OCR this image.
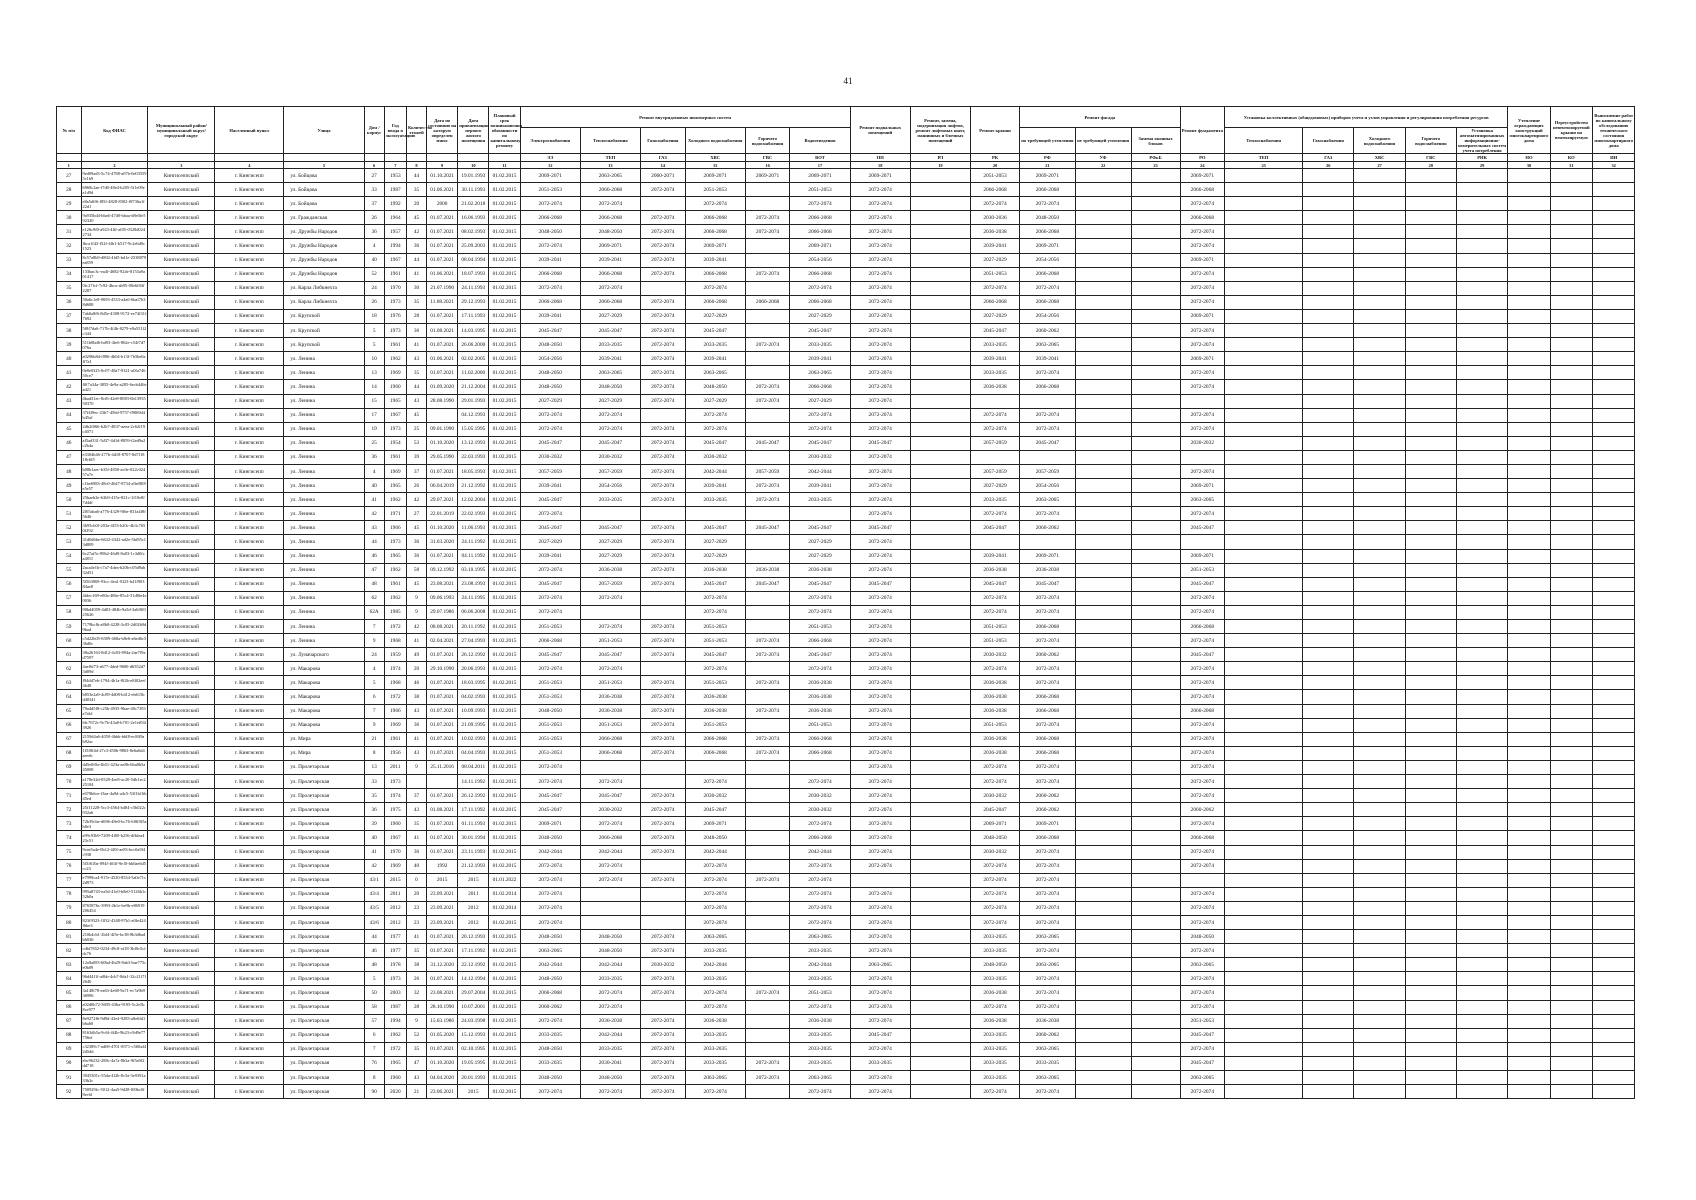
41
№ п/п	Код ФИАС	Муниципальный район/муниципальный округ/городской округ	Населенный пункт	Улица	Дом / корпус	Год ввода в эксплуатацию	Количество этажей	Дата по состоянию на которую определен износ	Дата приватизации первого жилого помещения	Плановый срок возникновения обязанности по капитальному ремонту	Ремонт внутридомовых инженерных систем						Ремонт подвальных помещений	Ремонт, замена, модернизация лифтов, ремонт лифтовых шахт, машинных и блочных помещений	Ремонт крыши	Ремонт фасада			Ремонт фундамента	Установка коллективных (общедомовых) приборов учета и узлов управления и регулирования потребления ресурсов					Утепление ограждающих конструкций многоквартирного дома	Переустройство невентилируемой крыши на вентилируемую	Выполнение работ по капитальному обследованию технического состояния многоквартирного дома
											Электроснабжения	Теплоснабжения	Газоснабжения	Холодного водоснабжения	Горячего водоснабжения	Водоотведения				по требующей утепления	не требующей утепления	Замена оконных блоков		Теплоснабжения	Газоснабжения	Холодного водоснабжения	Горячего водоснабжения	Установка автоматизированных информационно-измерительных систем учета потребления			
											ЭЭ	ТЕП	ГАЗ	ХВС	ГВС	ВОТ	ПП	РЛ	РК	РФ	УФ	РФкБ	РО	ТЕП	ГАЗ	ХВС	ГВС	РНК	НО	КО	ИИ
1	2	3	4	5	6	7	8	9	10	11	12	13	14	15	16	17	18	19	20	21	22	23	24	25	26	27	28	29	30	31	32
27	9ed09ad3-5c74-4788-a07b-0e035595c1b9	Кингисеппский	г. Кингисепп	ул. Бойцова	27	1953	44	01.10.2021	19.01.1993	01.02.2015	2069-2071	2063-2065	2060-2071	2069-2071	2069-2071	2069-2071	2069-2071		2051-2053	2069-2071			2069-2071								
28	6968c2ae-f7d0-48e4-b205-5f1e09ea1d9d	Кингисеппский	г. Кингисепп	ул. Бойцова	33	1987	35	01.06.2021	30.11.1993	01.02.2015	2051-2053	2066-2068	2072-2074	2051-2053		2051-2053	2072-2074		2066-2068	2066-2068			2066-2068								
29	e8a5dff6-f85f-4828-8302-f8736a1f22d1	Кингисеппский	г. Кингисепп	ул. Бойцова	37	1992	20	2000	21.02.2018	01.02.2015	2072-2074	2072-2074		2072-2074		2072-2074	2072-2074		2072-2074	2072-2074			2072-2074								
30	9a935bd4-bba6-47d0-bbaa-d8e0fe592320	Кингисеппский	г. Кингисепп	ул. Гражданская	26	1964	45	01.07.2021	16.06.1993	01.02.2015	2066-2068	2066-2068	2072-2074	2066-2068	2072-2074	2066-2068	2072-2074		2030-2036	2048-2050			2066-2068								
31	e126c9f0-a923-4fff-af05-0328d0242734	Кингисеппский	г. Кингисепп	ул. Дружбы Народов	36	1957	42	01.07.2021	08.02.1993	01.02.2015	2048-2050	2048-2050	2072-2074	2066-2068	2072-2074	2066-2068	2072-2074		2036-2038	2066-2068			2072-2074								
32	fbca1f43-f52f-4fb1-b517-9c2e6d0c1523	Кингисеппский	г. Кингисепп	ул. Дружбы Народов	4	1994	36	01.07.2021	25.09.2003	01.02.2015	2072-2074	2069-2071	2072-2074	2069-2071		2069-2071	2072-2074		2039-2041	2069-2071			2072-2074								
33	8c57a8b9-d802-4fd5-bd1e-2538879ea859	Кингисеппский	г. Кингисепп	ул. Дружбы Народов	40	1967	44	01.07.2021	08.04.1994	01.02.2015	2039-2041	2039-2041	2072-2074	2039-2041		2054-2056	2072-2074		2027-2029	2054-2056			2069-2071								
34	133bac3c-ea4f-4682-924e-8153a9a01417	Кингисеппский	г. Кингисепп	ул. Дружбы Народов	52	1961	41	01.06.2021	18.07.1993	01.02.2015	2066-2068	2066-2068	2072-2074	2066-2068	2072-2074	2066-2068	2072-2074		2051-2053	2066-2068			2072-2074								
35	0fc27fcf-7c92-4bca-ab95-00e6f04f2287	Кингисеппский	г. Кингисепп	ул. Карла Либкнехта	24	1970	30	21.07.1990	24.11.1993	01.02.2015	2072-2074	2072-2074		2072-2074		2072-2074	2072-2074		2072-2074	2072-2074			2072-2074								
36	50a6c1e8-9693-4533-a4a6-6baf7b38d688	Кингисеппский	г. Кингисепп	ул. Карла Либкнехта	26	1973	35	11.08.2021	29.12.1993	01.02.2015	2066-2068	2066-2068	2072-2074	2066-2068	2066-2068	2066-2068	2072-2074		2066-2068	2066-2068			2072-2074								
37	7ab0a8f6-8d5e-4308-9172-ee74f31f7692	Кингисеппский	г. Кингисепп	ул. Крупской	18	1976	28	01.07.2021	17.11.1993	01.02.2015	2039-2041	2027-2029	2072-2074	2027-2029		2027-2029	2072-2074		2027-2029	2054-2056			2069-2071								
38	5f8f7da6-717b-4f4b-8279-e9a551f2c344	Кингисеппский	г. Кингисепп	ул. Крупской	5	1973	36	01.08.2021	14.03.1995	01.02.2015	2045-2047	2045-2047	2072-2074	2045-2047		2045-2047	2072-2074		2045-2047	2060-2062			2072-2074								
39	511b8bd6-bd93-4fe6-862e-c54f7d7076a	Кингисеппский	г. Кингисепп	ул. Крупской	5	1961	41	01.07.2021	26.06.2000	01.02.2015	2048-2050	2033-2035	2072-2074	2033-2035	2072-2074	2033-2035	2072-2074		2033-2035	2063-2065			2072-2074								
40	a0296b8d-f086-4b04-b13f-7b5be0aff7a1	Кингисеппский	г. Кингисепп	ул. Ленина	10	1962	43	01.06.2021	02.02.2005	01.02.2015	2054-2056	2039-2041	2072-2074	2039-2041		2039-2041	2072-2074		2039-2041	2039-2041			2069-2071								
41	0e8e0323-0c07-48a7-9321-a0fa74650ce7	Кингисеппский	г. Кингисепп	ул. Ленина	13	1969	35	01.07.2021	11.02.2000	01.02.2015	2048-2050	2063-2065	2072-2074	2063-2065		2063-2065	2072-2074		2033-2035	2072-2074			2072-2074								
42	f0f7a34a-3855-4e9a-a285-6ecb446ead21	Кингисеппский	г. Кингисепп	ул. Ленина	14	1960	44	01.09.2020	21.12.2004	01.02.2015	2048-2050	2048-2050	2072-2074	2048-2050	2072-2074	2066-2068	2072-2074		2036-2038	2066-2068			2072-2074								
43	4bad31ec-8cf6-42e8-8083-6b1393550370	Кингисеппский	г. Кингисепп	ул. Ленина	15	1965	43	28.08.1990	29.01.1993	01.02.2015	2027-2029	2027-2029	2072-2074	2027-2029	2072-2074	2027-2029	2072-2074														
44	37f4f9ec-23b7-456d-9757-f9069d4b45af	Кингисеппский	г. Кингисепп	ул. Ленина	17	1967	45		04.12.1993	01.02.2015	2072-2074	2072-2074		2072-2074		2072-2074	2072-2074		2072-2074	2072-2074			2072-2074								
45	2db2f066-b2b7-4837-aeea-2c62f19c4071	Кингисеппский	г. Кингисепп	ул. Ленина	19	1973	25	09.01.1990	15.05.1995	01.02.2015	2072-2074	2072-2074	2072-2074	2072-2074		2072-2074	2072-2074		2072-2074	2072-2074			2072-2074								
46	af5ad331-5d37-4d1d-8859-f2ed9a2c2b4a	Кингисеппский	г. Кингисепп	ул. Ленина	25	1954	53	01.10.2020	13.12.1993	01.02.2015	2045-2047	2045-2047	2072-2074	2045-2047	2045-2047	2045-2047	2045-2047		2057-2059	2045-2047			2030-2032								
47	e3304b46-277b-4d18-8707-8d7f1818c6f5	Кингисеппский	г. Кингисепп	ул. Ленина	36	1961	39	29.05.1990	22.03.1993	01.02.2015	2030-2032	2030-2032	2072-2074	2030-2032		2030-2032	2072-2074														
48	b08b1aec-b35f-4850-ac0e-022c02457a7e	Кингисеппский	г. Кингисепп	ул. Ленина	4	1969	37	01.07.2021	18.05.1993	01.02.2015	2057-2059	2057-2059	2072-2074	2042-2044	2057-2059	2042-2044	2072-2074		2057-2059	2057-2059			2072-2074								
49	c1be6983-48c0-4647-8734-a9a08f8e5e57	Кингисеппский	г. Кингисепп	ул. Ленина	40	1965	26	06.04.2019	21.12.1992	01.02.2015	2039-2041	2054-2056	2072-2074	2039-2041	2072-2074	2039-2041	2072-2074		2027-2029	2054-2056			2069-2071								
50	25baeb2e-b3b9-415e-821c-1f10e8f7d4df	Кингисеппский	г. Кингисепп	ул. Ленина	41	1962	42	29.07.2021	12.02.2004	01.02.2015	2045-2047	2033-2035	2072-2074	2033-2035	2072-2074	2033-2035	2072-2074		2033-2035	2063-2065			2063-2065								
51	2f05aba6-a776-4329-9f6e-831a4f8f5646	Кингисеппский	г. Кингисепп	ул. Ленина	42	1971	27	22.01.2019	22.02.1993	01.02.2015	2072-2074						2072-2074		2072-2074	2072-2074			2072-2074								
52	3695cb0f-203a-4f53-b20c-4b3c7650f292	Кингисеппский	г. Кингисепп	ул. Ленина	43	1966	45	01.10.2020	11.06.1993	01.02.2015	2045-2047	2045-2047	2072-2074	2045-2047	2045-2047	2045-2047	2045-2047		2045-2047	2060-2062			2045-2047								
53	31d0d6be-6632-4342-ad2e-5bf85c13d809	Кингисеппский	г. Кингисепп	ул. Ленина	44	1973	36	31.03.2020	24.11.1992	01.02.2015	2027-2029	2027-2029	2072-2074	2027-2029		2027-2029	2072-2074														
54	6c27af5c-89b2-46d9-8a03-1c3d0fca4811	Кингисеппский	г. Кингисепп	ул. Ленина	46	1965	36	01.07.2021	04.11.1992	01.02.2015	2039-2041	2027-2029	2072-2074	2027-2029		2027-2029	2072-2074		2039-2041	2069-2071			2069-2071								
55	2aca4e1b-c7a7-4dea-b20b-c05d9ab32d51	Кингисеппский	г. Кингисепп	ул. Ленина	47	1962	58	09.12.1992	03.10.1995	01.02.2015	2072-2074	2036-2038	2072-2074	2036-2038	2036-2038	2036-2038	2072-2074		2036-2038	2036-2038			2051-2053								
56	5f563069-93cc-4ea1-8f23-b41f90384ae8	Кингисеппский	г. Кингисепп	ул. Ленина	48	1961	45	23.08.2021	23.08.1993	01.02.2015	2045-2047	2057-2059	2072-2074	2045-2047	2045-2047	2045-2047	2045-2047		2045-2047	2045-2047			2045-2047								
57	4fdec169-e80a-486e-85c4-31d8fe4e0036	Кингисеппский	г. Кингисепп	ул. Ленина	62	1962	9	09.06.1993	24.11.1995	01.02.2015	2072-2074	2072-2074		2072-2074		2072-2074	2072-2074		2072-2074	2072-2074			2072-2074								
58	90bd4059-4d03-484b-9a5d-3a6f0f025626	Кингисеппский	г. Кингисепп	ул. Ленина	62А	1985	9	29.07.1986	06.06.2008	01.02.2015	2072-2074			2072-2074		2072-2074	2072-2074		2072-2074	2072-2074			2072-2074								
59	7179bcfb-a8b0-4228-3c05-2d02b9d9bad	Кингисеппский	г. Кингисепп	ул. Ленина	7	1972	42	08.08.2021	20.11.1992	01.02.2015	2051-2053	2072-2074	2072-2074	2051-2053		2051-2053	2072-2074		2051-2053	2066-2068			2066-2068								
60	c5d22b05-6589-468a-b8e6-a6ed6c536d0c	Кингисеппский	г. Кингисепп	ул. Ленина	9	1968	41	02.04.2021	27.04.1993	01.02.2015	2066-2068	2051-2053	2072-2074	2051-2053	2072-2074	2066-2068	2072-2074		2051-2053	2072-2074			2072-2074								
61	38a26163-8d12-4c83-894a-2ae7f9ad7597	Кингисеппский	г. Кингисепп	ул. Луначарского	24	1959	49	01.07.2021	26.12.1992	01.02.2015	2045-2047	2045-2047	2072-2074	2045-2047	2072-2074	2045-2047	2072-2074		2030-2032	2060-2062			2045-2047								
62	4aef6f73-a677-4ded-9680-d6552d73d09d	Кингисеппский	г. Кингисепп	ул. Макарова	4	1974	20	29.10.1990	20.06.1993	01.02.2015	2072-2074	2072-2074		2072-2074		2072-2074	2072-2074		2072-2074	2072-2074			2072-2074								
63	f94dd7eb-1794-4b1a-8f2b-e8f02eef4b48	Кингисеппский	г. Кингисепп	ул. Макарова	5	1968	46	01.07.2021	18.03.1995	01.02.2015	2051-2053	2051-2053	2072-2074	2051-2053	2072-2074	2036-2038	2072-2074		2036-2038	2072-2074			2072-2074								
64	b853e2a9-4c89-4d08-b412-eb615bd4034f	Кингисеппский	г. Кингисепп	ул. Макарова	6	1972	38	01.07.2021	04.02.1993	01.02.2015	2051-2053	2036-2038	2072-2074	2036-2038		2036-2038	2072-2074		2036-2038	2066-2068			2072-2074								
65	79a4d5f8-c25b-4935-9bae-40c7393a7ab1	Кингисеппский	г. Кингисепп	ул. Макарова	7	1966	43	01.07.2021	10.09.1993	01.02.2015	2048-2050	2036-2038	2072-2074	2036-2038	2072-2074	2036-2038	2072-2074		2036-2038	2066-2068			2066-2068								
66	6fc7672c-9c7b-43a8-b701-2e1ef04f3926	Кингисеппский	г. Кингисепп	ул. Макарова	9	1969	36	01.07.2021	21.09.1995	01.02.2015	2051-2053	2051-2053	2072-2074	2051-2053		2051-2053	2072-2074		2051-2053	2072-2074			2072-2074								
67	2159d4a6-4050-4bbb-b6f8-ec8ff9ab92ac	Кингисеппский	г. Кингисепп	ул. Мира	21	1961	41	01.07.2021	10.02.1993	01.02.2015	2051-2053	2066-2068	2072-2074	2066-2068	2072-2074	2066-2068	2072-2074		2036-2038	2066-2068			2072-2074								
68	1f5f8f4d-27c3-450b-9863-8e6a6d4aeeeb	Кингисеппский	г. Кингисепп	ул. Мира	8	1956	43	01.07.2021	04.04.1993	01.02.2015	2051-2053	2066-2068	2072-2074	2066-2068	2072-2074	2066-2068	2072-2074		2036-2038	2066-2068			2072-2074								
69	dd5e0f0a-4b51-423a-ae8b-6ba8b5a45008	Кингисеппский	г. Кингисепп	ул. Пролетарская	13	2011	9	25.11.2016	08.04.2011	01.02.2015	2072-2074						2072-2074		2072-2074	2072-2074			2072-2074								
70	a178e32d-0528-4ee8-ac20-5db1ec225184	Кингисеппский	г. Кингисепп	ул. Пролетарская	33	1973			14.11.1992	01.02.2015	2072-2074	2072-2074		2072-2074		2072-2074	2072-2074		2072-2074	2072-2074			2072-2074								
71	e679b6ce-f3ea-4a9d-a4c5-53f1b16b45ed	Кингисеппский	г. Кингисепп	ул. Пролетарская	35	1974	37	01.07.2021	26.12.1992	01.02.2015	2045-2047	2045-2047	2072-2074	2030-2032		2030-2032	2072-2074		2030-2032	2060-2062			2072-2074								
72	25f11228-5cc3-4564-b484-c5b022c932a6	Кингисеппский	г. Кингисепп	ул. Пролетарская	36	1975	43	01.08.2021	17.11.1992	01.02.2015	2045-2047	2030-2032	2072-2074	2045-2047		2030-2032	2072-2074		2045-2047	2060-2062			2060-2062								
73	72b39cbe-d696-48e0-bc76-6f8f0f5ab8e3	Кингисеппский	г. Кингисепп	ул. Пролетарская	39	1960	35	01.07.2021	01.11.1993	01.02.2015	2069-2071	2072-2074	2072-2074	2069-2071		2072-2074	2072-2074		2069-2071	2069-2071			2072-2074								
74	a99c93b9-7209-4f00-b256-dfbfea423c51	Кингисеппский	г. Кингисепп	ул. Пролетарская	40	1967	41	01.07.2021	30.01.1994	01.02.2015	2048-2050	2066-2068	2072-2074	2048-2050		2066-2068	2072-2074		2048-2050	2066-2068			2066-2068								
75	9cae5a4e-0b12-4f0f-ae83-bcc0a9f4c938	Кингисеппский	г. Кингисепп	ул. Пролетарская	41	1970	36	01.07.2021	23.11.1993	01.02.2015	2042-2044	2042-2044	2072-2074	2042-2044		2042-2044	2072-2074		2030-2032	2072-2074			2072-2074								
76	5f3f610a-094f-463f-9e10-bb0ae6d5cc23	Кингисеппский	г. Кингисепп	ул. Пролетарская	42	1969	40	1992	21.12.1993	01.02.2015	2072-2074	2072-2074		2072-2074		2072-2074	2072-2074		2072-2074	2072-2074			2072-2074								
77	e7999ca4-917e-4520-8534-5a0e71c2d973	Кингисеппский	г. Кингисепп	ул. Пролетарская	43/1	2015	0	2015	2015	01.01.2022	2072-2074	2072-2074	2072-2074	2072-2074	2072-2074	2072-2074			2072-2074	2072-2074											
78	995a8743-ea5d-41e0-b8e0-5126b1c52b0a	Кингисеппский	г. Кингисепп	ул. Пролетарская	43/4	2011	20	23.09.2021	2011	01.02.2014	2072-2074			2072-2074		2072-2074	2072-2074		2072-2074	2072-2074			2072-2074								
79	8765876c-3993-4b1e-be9b-e86919206454	Кингисеппский	г. Кингисепп	ул. Пролетарская	43/5	2012	23	23.09.2021	2012	01.02.2014	2072-2074			2072-2074		2072-2074	2072-2074		2072-2074	2072-2074			2072-2074								
80	823f9323-1832-4348-97b1-a0fe424f6be3	Кингисеппский	г. Кингисепп	ул. Пролетарская	43/6	2012	23	23.09.2021	2012	01.02.2015	2072-2074			2072-2074		2072-2074	2072-2074		2072-2074	2072-2074			2072-2074								
81	210b4cb1-2bf4-4f5e-bc38-8b3d6adb6036	Кингисеппский	г. Кингисепп	ул. Пролетарская	44	1977	41	01.07.2021	20.12.1993	01.02.2015	2048-2050	2048-2050	2072-2074	2063-2065		2063-2065	2072-2074		2033-2035	2063-2065			2048-2050								
82	cdbf7652-0234-49c8-af18-3bf0c5cfdc76	Кингисеппский	г. Кингисепп	ул. Пролетарская	46	1977	35	01.07.2021	17.11.1992	01.02.2015	2063-2065	2048-2050	2072-2074	2033-2035		2033-2035	2072-2074		2033-2035	2072-2074			2072-2074								
83	12a9a083-60bd-4b29-8ab3-bae775ce0b09	Кингисеппский	г. Кингисепп	ул. Пролетарская	48	1978	38	31.12.2020	22.12.1992	01.02.2015	2042-2044	2042-2044	2030-2032	2042-2044		2042-2044	2063-2065		2048-2050	2063-2065			2063-2065								
84	96d44f1f-a0bb-4cb7-8da1-32c21f7f2640	Кингисеппский	г. Кингисепп	ул. Пролетарская	5	1973	26	01.07.2021	14.12.1994	01.02.2015	2048-2050	2033-2035	2072-2074	2033-2035		2033-2035	2072-2074		2033-2035	2072-2074			2072-2074								
85	3a148f78-ea63-4e68-9a71-ec7a9b936996	Кингисеппский	г. Кингисепп	ул. Пролетарская	50	2003	32	23.08.2021	29.07.2004	01.02.2015	2066-2068	2072-2074	2072-2074	2072-2074	2072-2074	2051-2053	2072-2074		2036-2038	2072-2074			2072-2074								
86	a02d0b72-3695-436a-9195-5c2e5b8ce977	Кингисеппский	г. Кингисепп	ул. Пролетарская	58	1987	28	28.10.1990	10.07.2001	01.02.2015	2060-2062	2072-2074		2072-2074		2072-2074	2072-2074		2072-2074	2072-2074			2072-2074								
87	8e9272f6-9d9d-43e4-9283-a8e6fd1b6a60	Кингисеппский	г. Кингисепп	ул. Пролетарская	57	1994	9	15.03.1986	24.03.1998	01.02.2015	2072-2074	2036-2038	2072-2074	2036-2038		2036-2038	2072-2074		2036-2038	2036-2038			2051-2053								
88	8163db5a-9c6f-4f4b-9b23-c9d9e77756ef	Кингисеппский	г. Кингисепп	ул. Пролетарская	6	1962	52	01.05.2020	15.12.1993	01.02.2015	2033-2035	2042-2044	2072-2074	2033-2035		2033-2035	2045-2047		2033-2035	2060-2062			2045-2047								
89	c32389c7-ad69-4701-8571-c5f6bd42d5dd	Кингисеппский	г. Кингисепп	ул. Пролетарская	7	1972	35	01.07.2021	02.10.1995	01.02.2015	2048-2050	2033-2035	2072-2074	2033-2035		2033-2035	2072-2074		2033-2035	2063-2065			2072-2074								
90	ebc96232-288c-4a7a-8b3a-9f5a9f2dd718	Кингисеппский	г. Кингисепп	ул. Пролетарская	76	1965	47	01.10.2020	19.05.1995	01.02.2015	2033-2035	2030-2041	2072-2074	2033-2035	2072-2074	2033-2035	2033-2035		2033-2035	2033-2035			2045-2047								
91	3945301c-55da-4f2b-8c5a-3e9391a33b2c	Кингисеппский	г. Кингисепп	ул. Пролетарская	8	1960	43	04.04.2020	20.01.1993	01.02.2015	2048-2050	2048-2050	2072-2074	2063-2065	2072-2074	2063-2065	2072-2074		2033-2035	2063-2065			2063-2065								
92	750929fc-5012-4aa5-9d28-f00bc0f8ec6f	Кингисеппский	г. Кингисепп	ул. Пролетарская	90	2020	21	23.06.2021	2015	01.02.2015	2072-2074	2072-2074	2072-2074	2072-2074		2072-2074	2072-2074		2072-2074	2072-2074			2072-2074								
